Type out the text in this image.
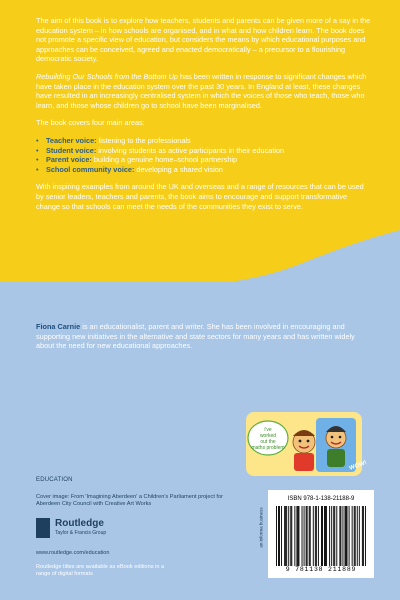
The aim of this book is to explore how teachers, students and parents can be given more of a say in the education system – in how schools are organised, and in what and how children learn. The book does not promote a specific view of education, but considers the means by which educational purposes and approaches can be conceived, agreed and enacted democratically – a precursor to a flourishing democratic society.

Rebuilding Our Schools from the Bottom Up has been written in response to significant changes which have taken place in the education system over the past 30 years. In England at least, these changes have resulted in an increasingly centralised system in which the voices of those who teach, those who learn, and those whose children go to school have been marginalised.

The book covers four main areas:

• Teacher voice: listening to the professionals
• Student voice: involving students as active participants in their education
• Parent voice: building a genuine home–school partnership
• School community voice: developing a shared vision

With inspiring examples from around the UK and overseas and a range of resources that can be used by senior leaders, teachers and parents, the book aims to encourage and support transformative change so that schools can meet the needs of the communities they exist to serve.

Fiona Carnie is an educationalist, parent and writer. She has been involved in encouraging and supporting new initiatives in the alternative and state sectors for many years and has written widely about the need for new educational approaches.
i've
worked
out the
maths problem
WOW!
EDUCATION
Cover image: From 'Imagining Aberdeen' a Children's Parliament project for Aberdeen City Council with Creative Art Works
Routledge
Taylor & Francis Group
www.routledge.com/education
Routledge titles are available as eBook editions in a range of digital formats
an informa business
ISBN 978-1-138-21188-9
9 781138 211889
